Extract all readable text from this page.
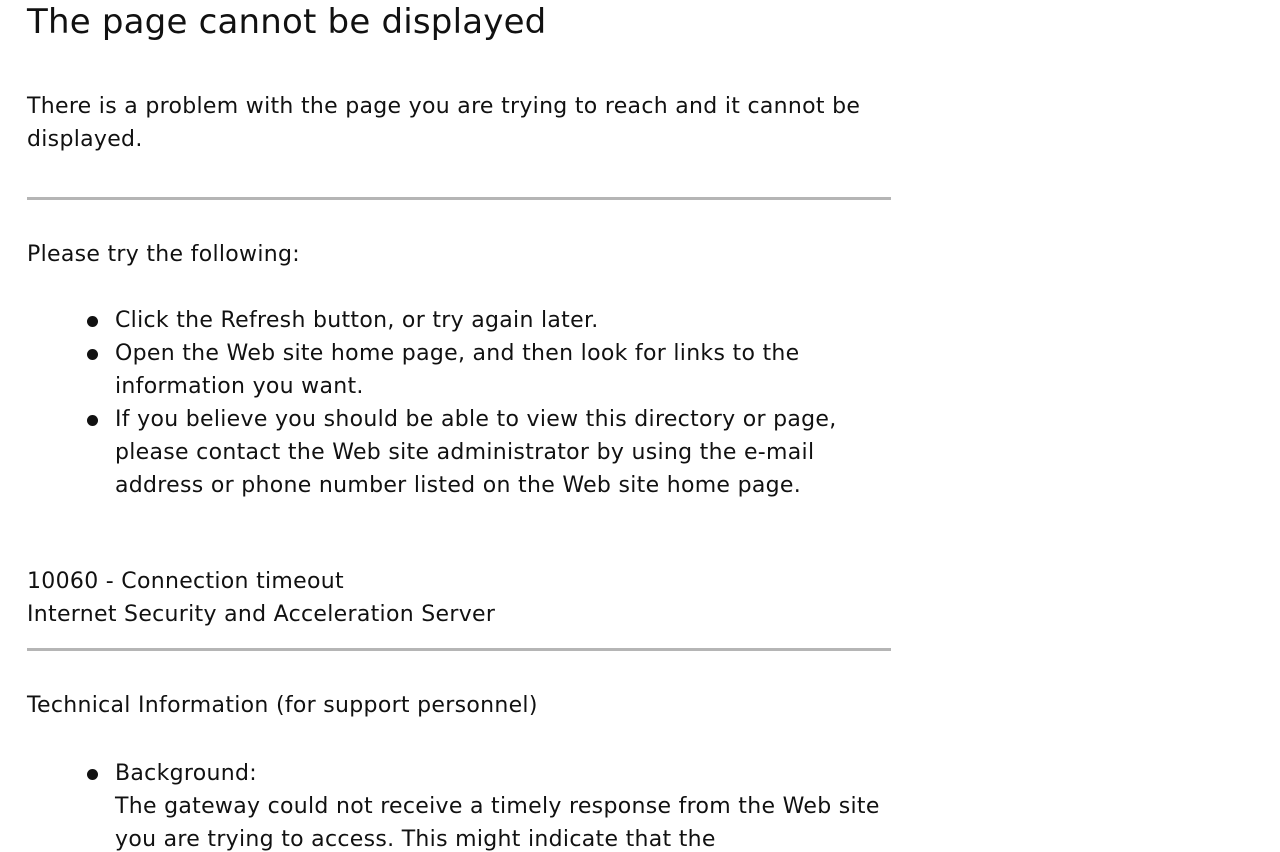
The page cannot be displayed

There is a problem with the page you are trying to reach and it cannot be displayed.

Please try the following:

Click the Refresh button, or try again later.
Open the Web site home page, and then look for links to the information you want.
If you believe you should be able to view this directory or page, please contact the Web site administrator by using the e-mail address or phone number listed on the Web site home page.

10060 - Connection timeout

Internet Security and Acceleration Server

Technical Information (for support personnel)

Background:
The gateway could not receive a timely response from the Web site you are trying to access. This might indicate that the
